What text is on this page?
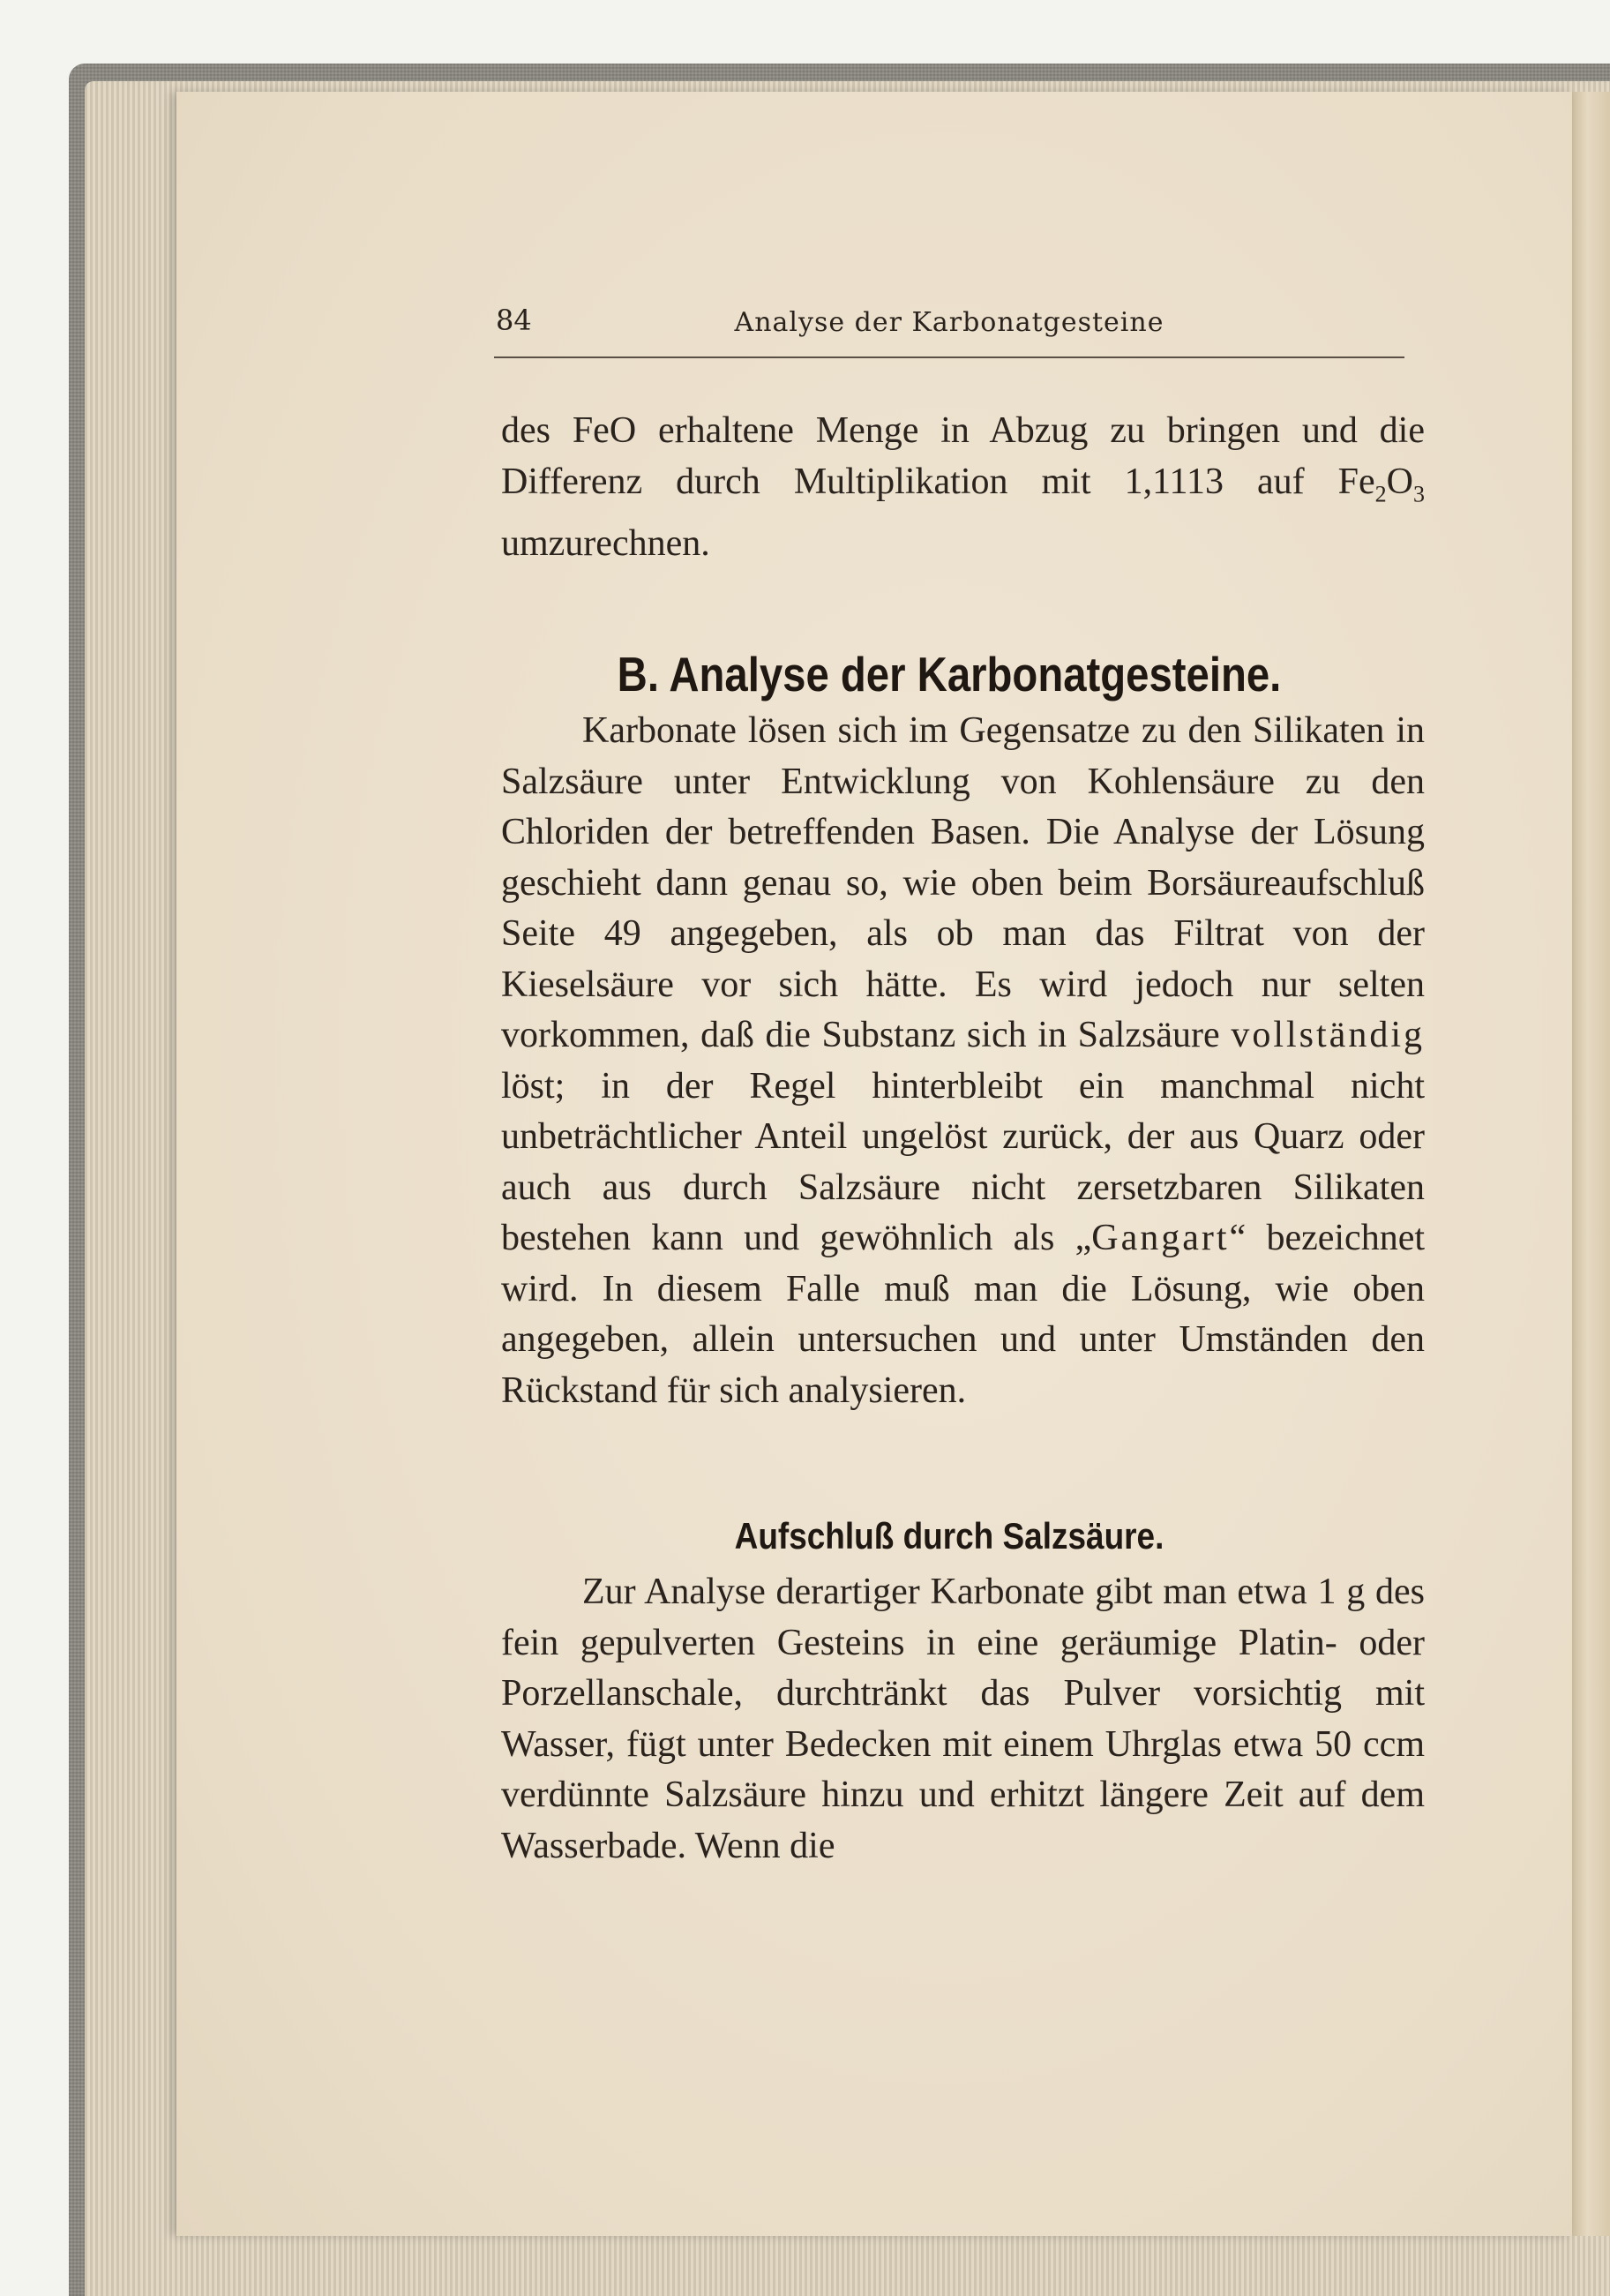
84	Analyse der Karbonatgesteine

des FeO erhaltene Menge in Abzug zu bringen und die Differenz durch Multiplikation mit 1,1113 auf $Fe_2O_3$ umzurechnen.

B. Analyse der Karbonatgesteine.

Karbonate lösen sich im Gegensatze zu den Silikaten in Salzsäure unter Entwicklung von Kohlensäure zu den Chloriden der betreffenden Basen. Die Analyse der Lösung geschieht dann genau so, wie oben beim Borsäureaufschluß Seite 49 angegeben, als ob man das Filtrat von der Kieselsäure vor sich hätte. Es wird jedoch nur selten vorkommen, daß die Substanz sich in Salzsäure vollständig löst; in der Regel hinterbleibt ein manchmal nicht unbeträchtlicher Anteil ungelöst zurück, der aus Quarz oder auch aus durch Salzsäure nicht zersetzbaren Silikaten bestehen kann und gewöhnlich als „Gangart“ bezeichnet wird. In diesem Falle muß man die Lösung, wie oben angegeben, allein untersuchen und unter Umständen den Rückstand für sich analysieren.

Aufschluß durch Salzsäure.

Zur Analyse derartiger Karbonate gibt man etwa 1 g des fein gepulverten Gesteins in eine geräumige Platin- oder Porzellanschale, durchtränkt das Pulver vorsichtig mit Wasser, fügt unter Bedecken mit einem Uhrglas etwa 50 ccm verdünnte Salzsäure hinzu und erhitzt längere Zeit auf dem Wasserbade. Wenn die
